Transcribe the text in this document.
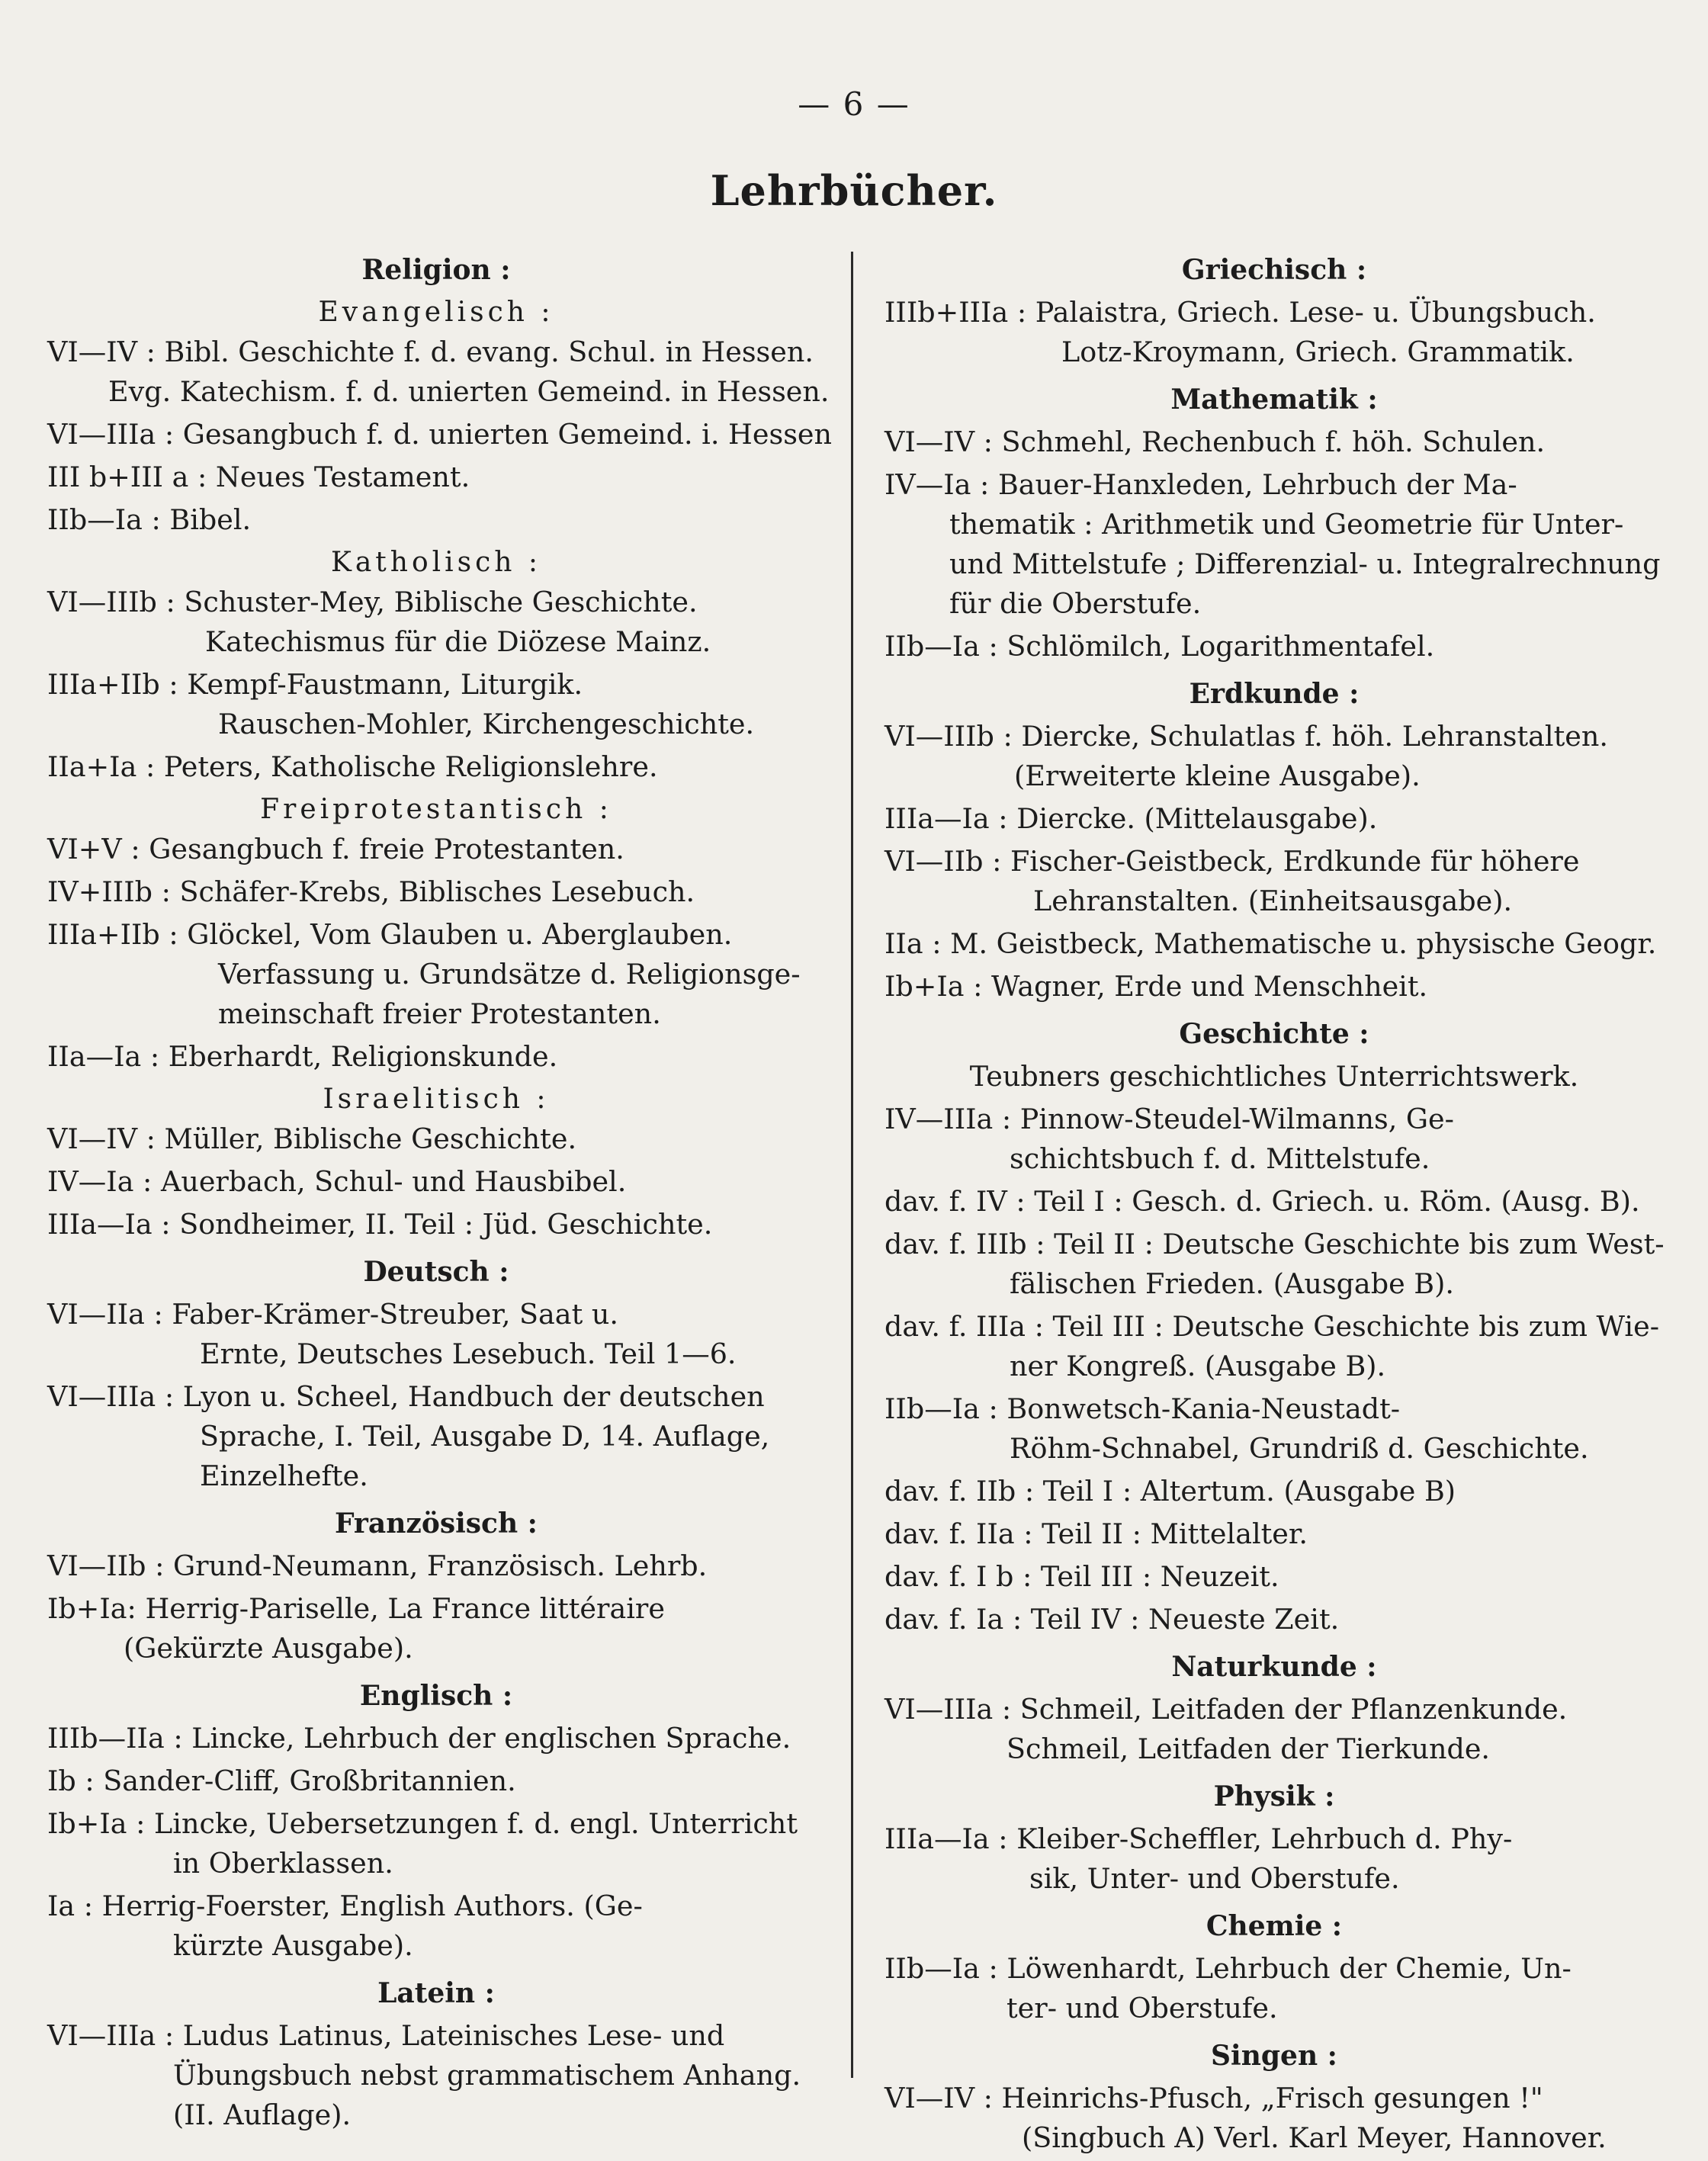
— 6 —
Lehrbücher.
Religion :
Evangelisch :
VI—IV : Bibl. Geschichte f. d. evang. Schul. in Hessen.
Evg. Katechism. f. d. unierten Gemeind. in Hessen.
VI—IIIa : Gesangbuch f. d. unierten Gemeind. i. Hessen
III b+III a : Neues Testament.
IIb—Ia : Bibel.
Katholisch :
VI—IIIb : Schuster-Mey, Biblische Geschichte.
Katechismus für die Diözese Mainz.
IIIa+IIb : Kempf-Faustmann, Liturgik.
Rauschen-Mohler, Kirchengeschichte.
IIa+Ia : Peters, Katholische Religionslehre.
Freiprotestantisch :
VI+V : Gesangbuch f. freie Protestanten.
IV+IIIb : Schäfer-Krebs, Biblisches Lesebuch.
IIIa+IIb : Glöckel, Vom Glauben u. Aberglauben.
Verfassung u. Grundsätze d. Religionsge-
meinschaft freier Protestanten.
IIa—Ia : Eberhardt, Religionskunde.
Israelitisch :
VI—IV : Müller, Biblische Geschichte.
IV—Ia : Auerbach, Schul- und Hausbibel.
IIIa—Ia : Sondheimer, II. Teil : Jüd. Geschichte.
Deutsch :
VI—IIa : Faber-Krämer-Streuber, Saat u.
Ernte, Deutsches Lesebuch. Teil 1—6.
VI—IIIa : Lyon u. Scheel, Handbuch der deutschen
Sprache, I. Teil, Ausgabe D, 14. Auflage,
Einzelhefte.
Französisch :
VI—IIb : Grund-Neumann, Französisch. Lehrb.
Ib+Ia: Herrig-Pariselle, La France littéraire
(Gekürzte Ausgabe).
Englisch :
IIIb—IIa : Lincke, Lehrbuch der englischen Sprache.
Ib : Sander-Cliff, Großbritannien.
Ib+Ia : Lincke, Uebersetzungen f. d. engl. Unterricht
in Oberklassen.
Ia : Herrig-Foerster, English Authors. (Ge-
kürzte Ausgabe).
Latein :
VI—IIIa : Ludus Latinus, Lateinisches Lese- und
Übungsbuch nebst grammatischem Anhang.
(II. Auflage).
Griechisch :
IIIb+IIIa : Palaistra, Griech. Lese- u. Übungsbuch.
Lotz-Kroymann, Griech. Grammatik.
Mathematik :
VI—IV : Schmehl, Rechenbuch f. höh. Schulen.
IV—Ia : Bauer-Hanxleden, Lehrbuch der Ma-
thematik : Arithmetik und Geometrie für Unter-
und Mittelstufe ; Differenzial- u. Integralrechnung
für die Oberstufe.
IIb—Ia : Schlömilch, Logarithmentafel.
Erdkunde :
VI—IIIb : Diercke, Schulatlas f. höh. Lehranstalten.
(Erweiterte kleine Ausgabe).
IIIa—Ia : Diercke. (Mittelausgabe).
VI—IIb : Fischer-Geistbeck, Erdkunde für höhere
Lehranstalten. (Einheitsausgabe).
IIa : M. Geistbeck, Mathematische u. physische Geogr.
Ib+Ia : Wagner, Erde und Menschheit.
Geschichte :
Teubners geschichtliches Unterrichtswerk.
IV—IIIa : Pinnow-Steudel-Wilmanns, Ge-
schichtsbuch f. d. Mittelstufe.
dav. f. IV : Teil I : Gesch. d. Griech. u. Röm. (Ausg. B).
dav. f. IIIb : Teil II : Deutsche Geschichte bis zum West-
fälischen Frieden. (Ausgabe B).
dav. f. IIIa : Teil III : Deutsche Geschichte bis zum Wie-
ner Kongreß. (Ausgabe B).
IIb—Ia : Bonwetsch-Kania-Neustadt-
Röhm-Schnabel, Grundriß d. Geschichte.
dav. f. IIb : Teil I : Altertum. (Ausgabe B)
dav. f. IIa : Teil II : Mittelalter.
dav. f. I b : Teil III : Neuzeit.
dav. f. Ia : Teil IV : Neueste Zeit.
Naturkunde :
VI—IIIa : Schmeil, Leitfaden der Pflanzenkunde.
Schmeil, Leitfaden der Tierkunde.
Physik :
IIIa—Ia : Kleiber-Scheffler, Lehrbuch d. Phy-
sik, Unter- und Oberstufe.
Chemie :
IIb—Ia : Löwenhardt, Lehrbuch der Chemie, Un-
ter- und Oberstufe.
Singen :
VI—IV : Heinrichs-Pfusch, „Frisch gesungen !"
(Singbuch A) Verl. Karl Meyer, Hannover.
